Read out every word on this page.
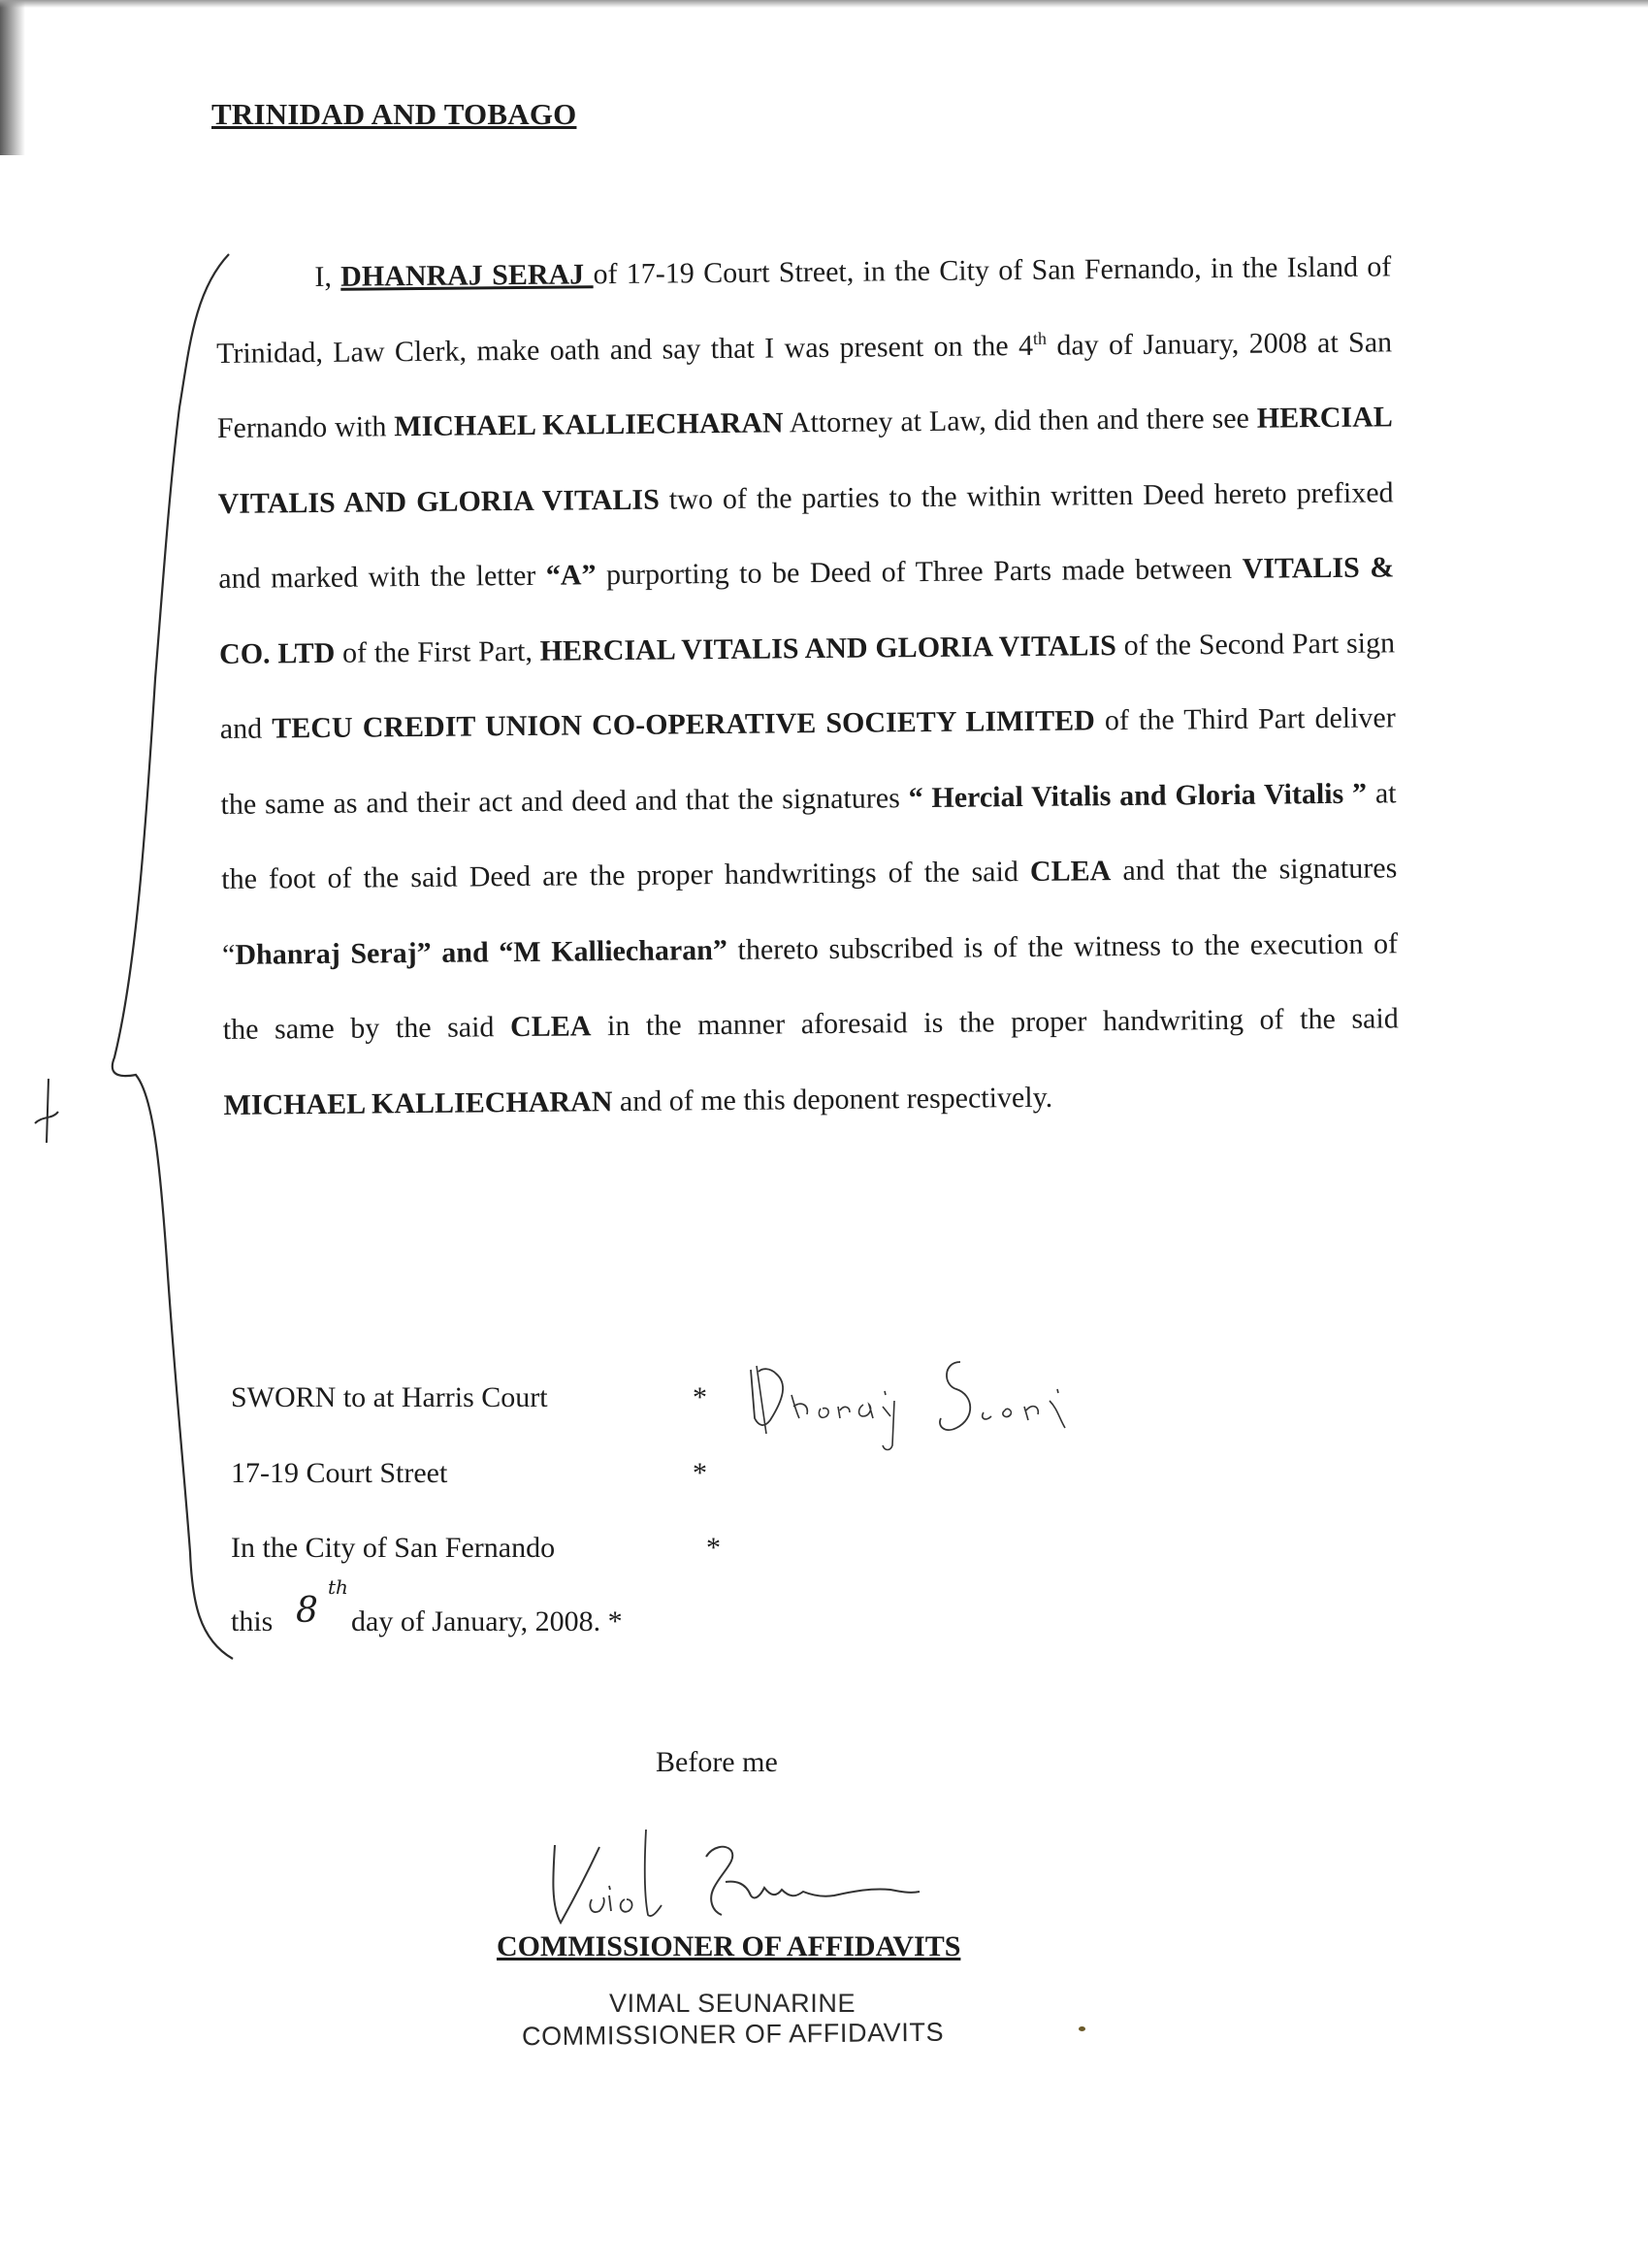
TRINIDAD AND TOBAGO
I, DHANRAJ SERAJ of 17-19 Court Street, in the City of San Fernando, in the Island of Trinidad, Law Clerk, make oath and say that I was present on the 4th day of January, 2008 at San Fernando with MICHAEL KALLIECHARAN Attorney at Law, did then and there see HERCIAL VITALIS AND GLORIA VITALIS two of the parties to the within written Deed hereto prefixed and marked with the letter “A” purporting to be Deed of Three Parts made between VITALIS & CO. LTD of the First Part, HERCIAL VITALIS AND GLORIA VITALIS of the Second Part sign and TECU CREDIT UNION CO-OPERATIVE SOCIETY LIMITED of the Third Part deliver the same as and their act and deed and that the signatures “ Hercial Vitalis and Gloria Vitalis ” at the foot of the said Deed are the proper handwritings of the said CLEA and that the signatures “Dhanraj Seraj” and “M Kalliecharan” thereto subscribed is of the witness to the execution of the same by the said CLEA in the manner aforesaid is the proper handwriting of the said MICHAEL KALLIECHARAN and of me this deponent respectively.
SWORN to at Harris Court
17-19 Court Street
In the City of San Fernando
this 8
th
day of January, 2008. *
*
*
*
Before me
COMMISSIONER OF AFFIDAVITS
VIMAL SEUNARINE
COMMISSIONER OF AFFIDAVITS
